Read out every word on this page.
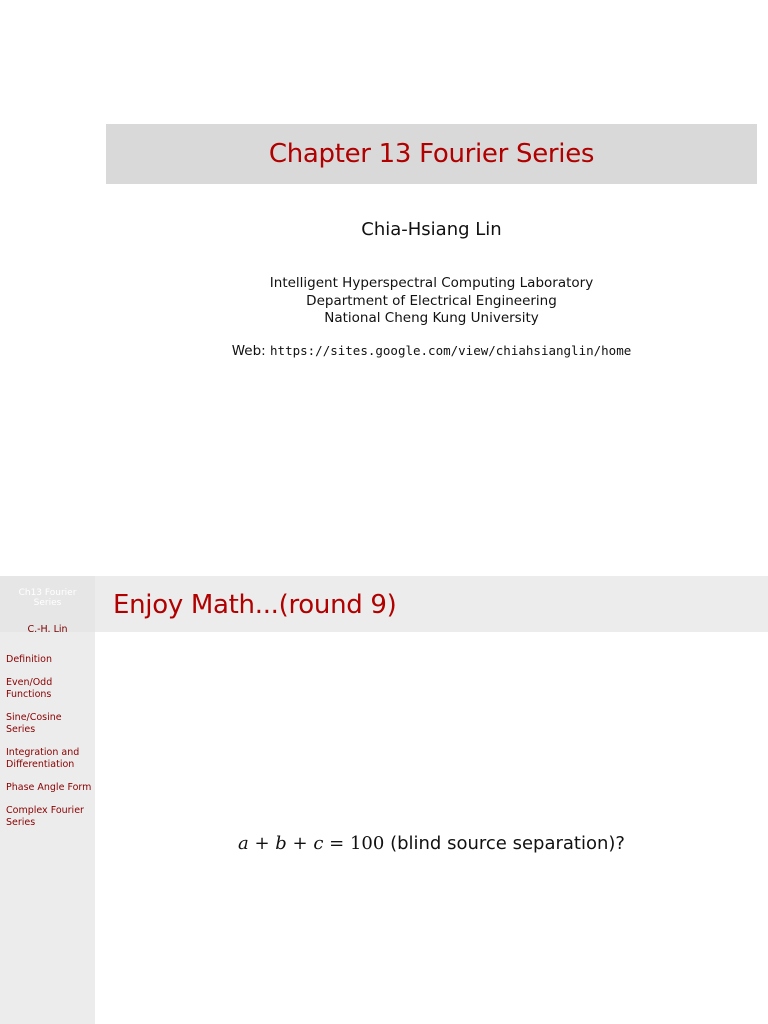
Chapter 13 Fourier Series
Chia-Hsiang Lin
Intelligent Hyperspectral Computing Laboratory
Department of Electrical Engineering
National Cheng Kung University
Web: https://sites.google.com/view/chiahsianglin/home
Ch13 Fourier Series
C.-H. Lin
Definition
Even/Odd Functions
Sine/Cosine Series
Integration and Differentiation
Phase Angle Form
Complex Fourier Series
Enjoy Math...(round 9)
a + b + c = 100 (blind source separation)?
